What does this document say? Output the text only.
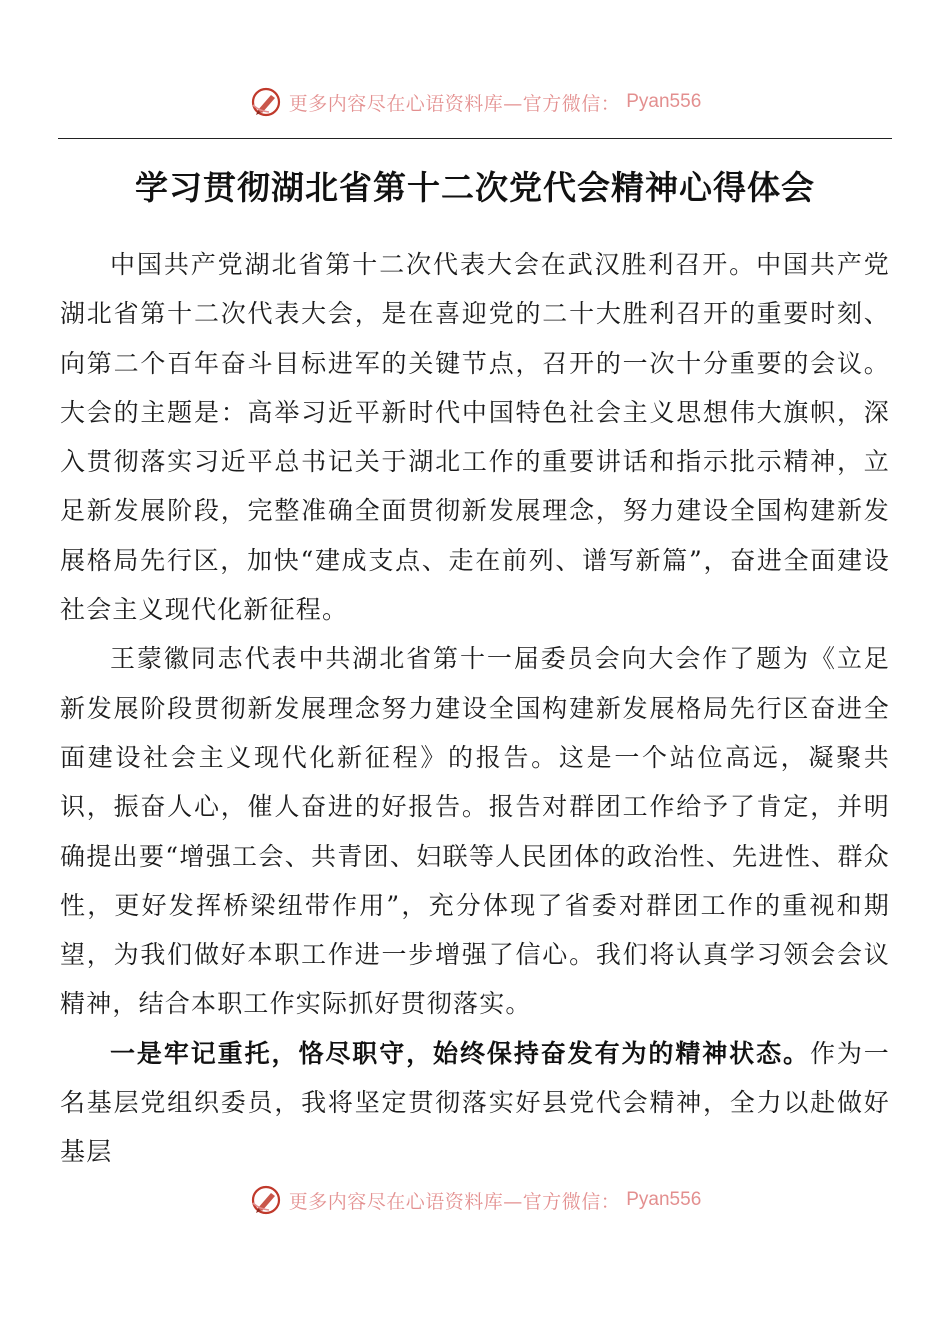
更多内容尽在心语资料库—官方微信： Pyan556
学习贯彻湖北省第十二次党代会精神心得体会

中国共产党湖北省第十二次代表大会在武汉胜利召开。中国共产党湖北省第十二次代表大会，是在喜迎党的二十大胜利召开的重要时刻、向第二个百年奋斗目标进军的关键节点，召开的一次十分重要的会议。大会的主题是：高举习近平新时代中国特色社会主义思想伟大旗帜，深入贯彻落实习近平总书记关于湖北工作的重要讲话和指示批示精神，立足新发展阶段，完整准确全面贯彻新发展理念，努力建设全国构建新发展格局先行区，加快“建成支点、走在前列、谱写新篇”，奋进全面建设社会主义现代化新征程。

王蒙徽同志代表中共湖北省第十一届委员会向大会作了题为《立足新发展阶段贯彻新发展理念努力建设全国构建新发展格局先行区奋进全面建设社会主义现代化新征程》的报告。这是一个站位高远，凝聚共识，振奋人心，催人奋进的好报告。报告对群团工作给予了肯定，并明确提出要“增强工会、共青团、妇联等人民团体的政治性、先进性、群众性，更好发挥桥梁纽带作用”，充分体现了省委对群团工作的重视和期望，为我们做好本职工作进一步增强了信心。我们将认真学习领会会议精神，结合本职工作实际抓好贯彻落实。

一是牢记重托，恪尽职守，始终保持奋发有为的精神状态。作为一名基层党组织委员，我将坚定贯彻落实好县党代会精神，全力以赴做好基层

更多内容尽在心语资料库—官方微信： Pyan556
